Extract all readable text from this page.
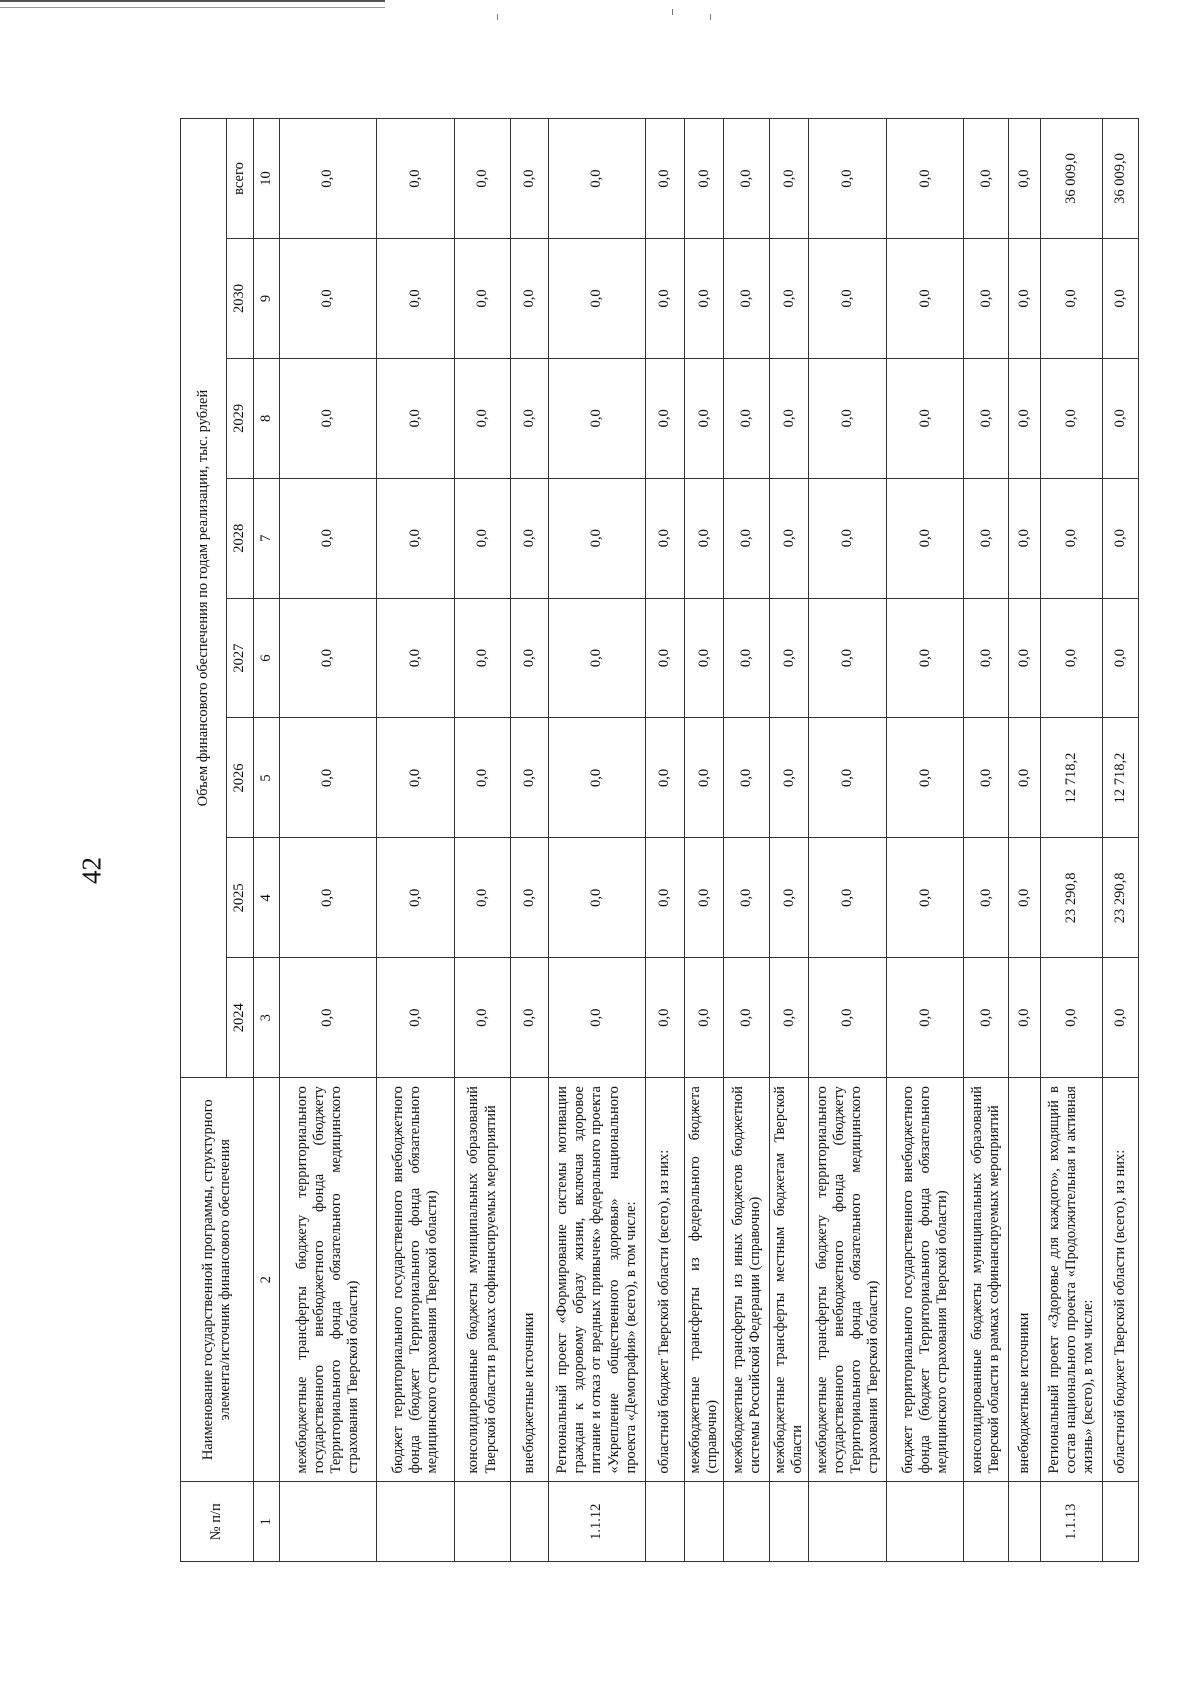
42
№ п/п	Наименование государственной программы, структурного элемента/источник финансового обеспечения	Объем финансового обеспечения по годам реализации, тыс. рублей							
		2024	2025	2026	2027	2028	2029	2030	всего
1	2	3	4	5	6	7	8	9	10
	межбюджетные трансферты бюджету территориального государственного внебюджетного фонда (бюджету Территориального фонда обязательного медицинского страхования Тверской области)	0,0	0,0	0,0	0,0	0,0	0,0	0,0	0,0
	бюджет территориального государственного внебюджетного фонда (бюджет Территориального фонда обязательного медицинского страхования Тверской области)	0,0	0,0	0,0	0,0	0,0	0,0	0,0	0,0
	консолидированные бюджеты муниципальных образований Тверской области в рамках софинансируемых мероприятий	0,0	0,0	0,0	0,0	0,0	0,0	0,0	0,0
	внебюджетные источники	0,0	0,0	0,0	0,0	0,0	0,0	0,0	0,0
1.1.12	Региональный проект «Формирование системы мотивации граждан к здоровому образу жизни, включая здоровое питание и отказ от вредных привычек» федерального проекта «Укрепление общественного здоровья» национального проекта «Демография» (всего), в том числе:	0,0	0,0	0,0	0,0	0,0	0,0	0,0	0,0
	областной бюджет Тверской области (всего), из них:	0,0	0,0	0,0	0,0	0,0	0,0	0,0	0,0
	межбюджетные трансферты из федерального бюджета (справочно)	0,0	0,0	0,0	0,0	0,0	0,0	0,0	0,0
	межбюджетные трансферты из иных бюджетов бюджетной системы Российской Федерации (справочно)	0,0	0,0	0,0	0,0	0,0	0,0	0,0	0,0
	межбюджетные трансферты местным бюджетам Тверской области	0,0	0,0	0,0	0,0	0,0	0,0	0,0	0,0
	межбюджетные трансферты бюджету территориального государственного внебюджетного фонда (бюджету Территориального фонда обязательного медицинского страхования Тверской области)	0,0	0,0	0,0	0,0	0,0	0,0	0,0	0,0
	бюджет территориального государственного внебюджетного фонда (бюджет Территориального фонда обязательного медицинского страхования Тверской области)	0,0	0,0	0,0	0,0	0,0	0,0	0,0	0,0
	консолидированные бюджеты муниципальных образований Тверской области в рамках софинансируемых мероприятий	0,0	0,0	0,0	0,0	0,0	0,0	0,0	0,0
	внебюджетные источники	0,0	0,0	0,0	0,0	0,0	0,0	0,0	0,0
1.1.13	Региональный проект «Здоровье для каждого», входящий в состав национального проекта «Продолжительная и активная жизнь» (всего), в том числе:	0,0	23 290,8	12 718,2	0,0	0,0	0,0	0,0	36 009,0
	областной бюджет Тверской области (всего), из них:	0,0	23 290,8	12 718,2	0,0	0,0	0,0	0,0	36 009,0
